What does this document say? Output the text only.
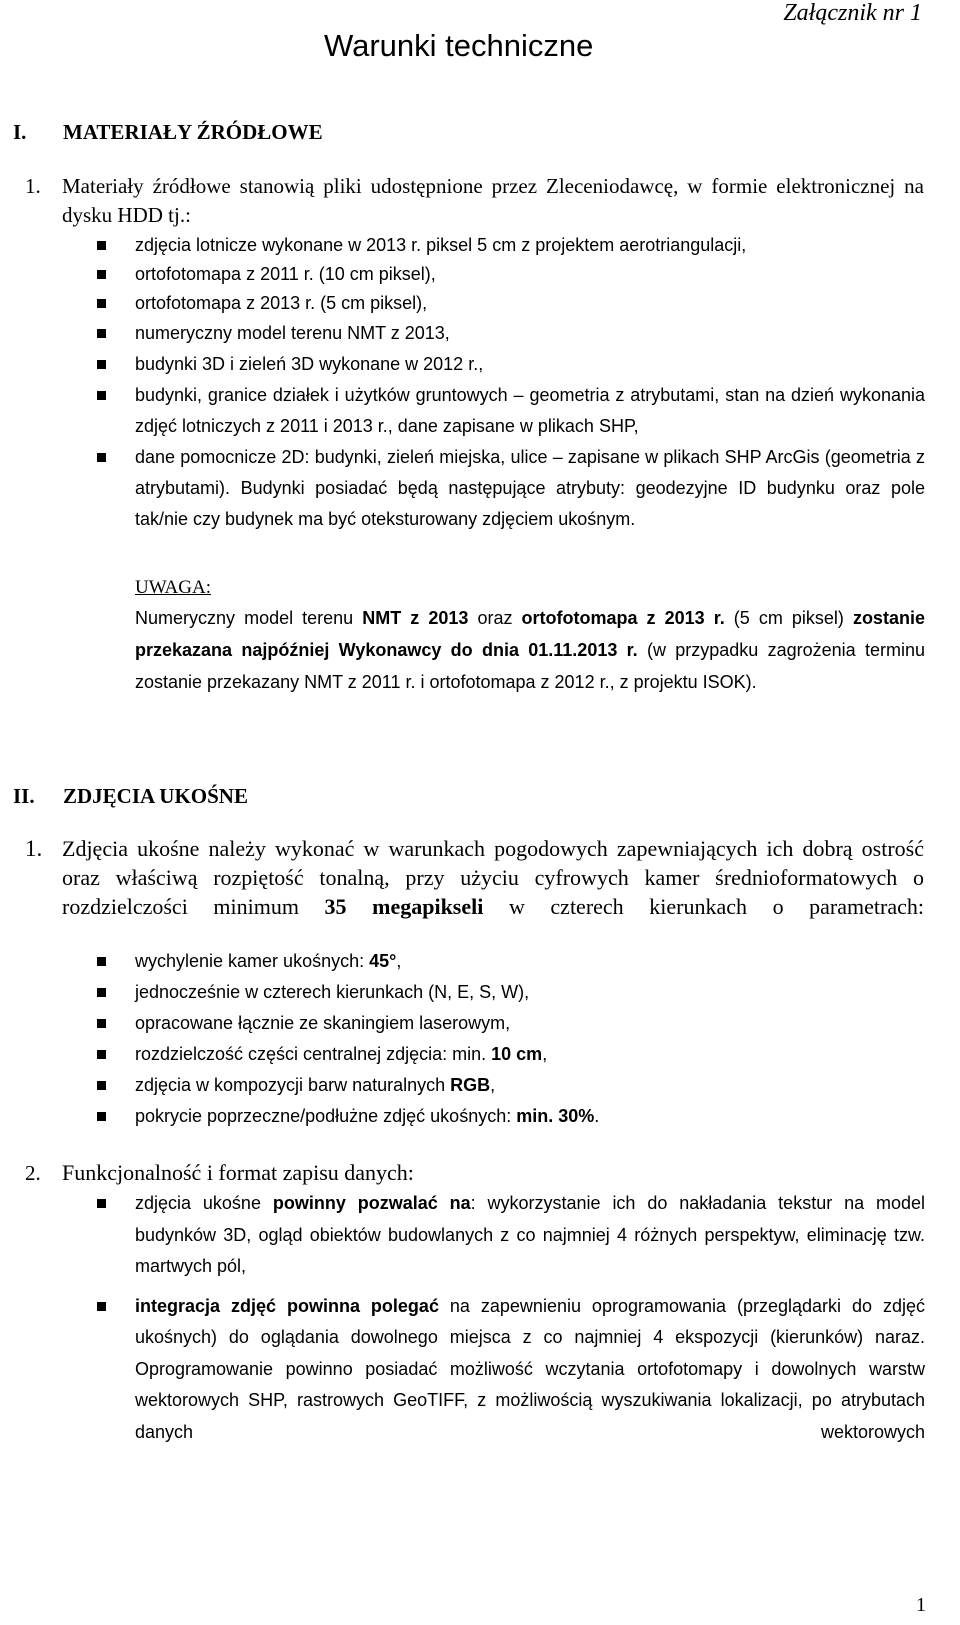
Załącznik nr 1
Warunki techniczne
I. MATERIAŁY ŹRÓDŁOWE
1. Materiały źródłowe stanowią pliki udostępnione przez Zleceniodawcę, w formie elektronicznej na dysku HDD tj.:
zdjęcia lotnicze wykonane w 2013 r. piksel 5 cm z projektem aerotriangulacji,
ortofotomapa z 2011 r. (10 cm piksel),
ortofotomapa z 2013 r. (5 cm piksel),
numeryczny model terenu NMT z 2013,
budynki 3D i zieleń 3D wykonane w 2012 r.,
budynki, granice działek i użytków gruntowych – geometria z atrybutami, stan na dzień wykonania zdjęć lotniczych z 2011 i 2013 r., dane zapisane w plikach SHP,
dane pomocnicze 2D: budynki, zieleń miejska, ulice – zapisane w plikach SHP ArcGis (geometria z atrybutami). Budynki posiadać będą następujące atrybuty: geodezyjne ID budynku oraz pole tak/nie czy budynek ma być oteksturowany zdjęciem ukośnym.
UWAGA:
Numeryczny model terenu NMT z 2013 oraz ortofotomapa z 2013 r. (5 cm piksel) zostanie przekazana najpóźniej Wykonawcy do dnia 01.11.2013 r. (w przypadku zagrożenia terminu zostanie przekazany NMT z 2011 r. i ortofotomapa z 2012 r., z projektu ISOK).
II. ZDJĘCIA UKOŚNE
1. Zdjęcia ukośne należy wykonać w warunkach pogodowych zapewniających ich dobrą ostrość oraz właściwą rozpiętość tonalną, przy użyciu cyfrowych kamer średnioformatowych o rozdzielczości minimum 35 megapikseli w czterech kierunkach o parametrach:
wychylenie kamer ukośnych: 45°,
jednocześnie w czterech kierunkach (N, E, S, W),
opracowane łącznie ze skaningiem laserowym,
rozdzielczość części centralnej zdjęcia: min. 10 cm,
zdjęcia w kompozycji barw naturalnych RGB,
pokrycie poprzeczne/podłużne zdjęć ukośnych: min. 30%.
2. Funkcjonalność i format zapisu danych:
zdjęcia ukośne powinny pozwalać na: wykorzystanie ich do nakładania tekstur na model budynków 3D, ogląd obiektów budowlanych z co najmniej 4 różnych perspektyw, eliminację tzw. martwych pól,
integracja zdjęć powinna polegać na zapewnieniu oprogramowania (przeglądarki do zdjęć ukośnych) do oglądania dowolnego miejsca z co najmniej 4 ekspozycji (kierunków) naraz. Oprogramowanie powinno posiadać możliwość wczytania ortofotomapy i dowolnych warstw wektorowych SHP, rastrowych GeoTIFF, z możliwością wyszukiwania lokalizacji, po atrybutach danych wektorowych
1
